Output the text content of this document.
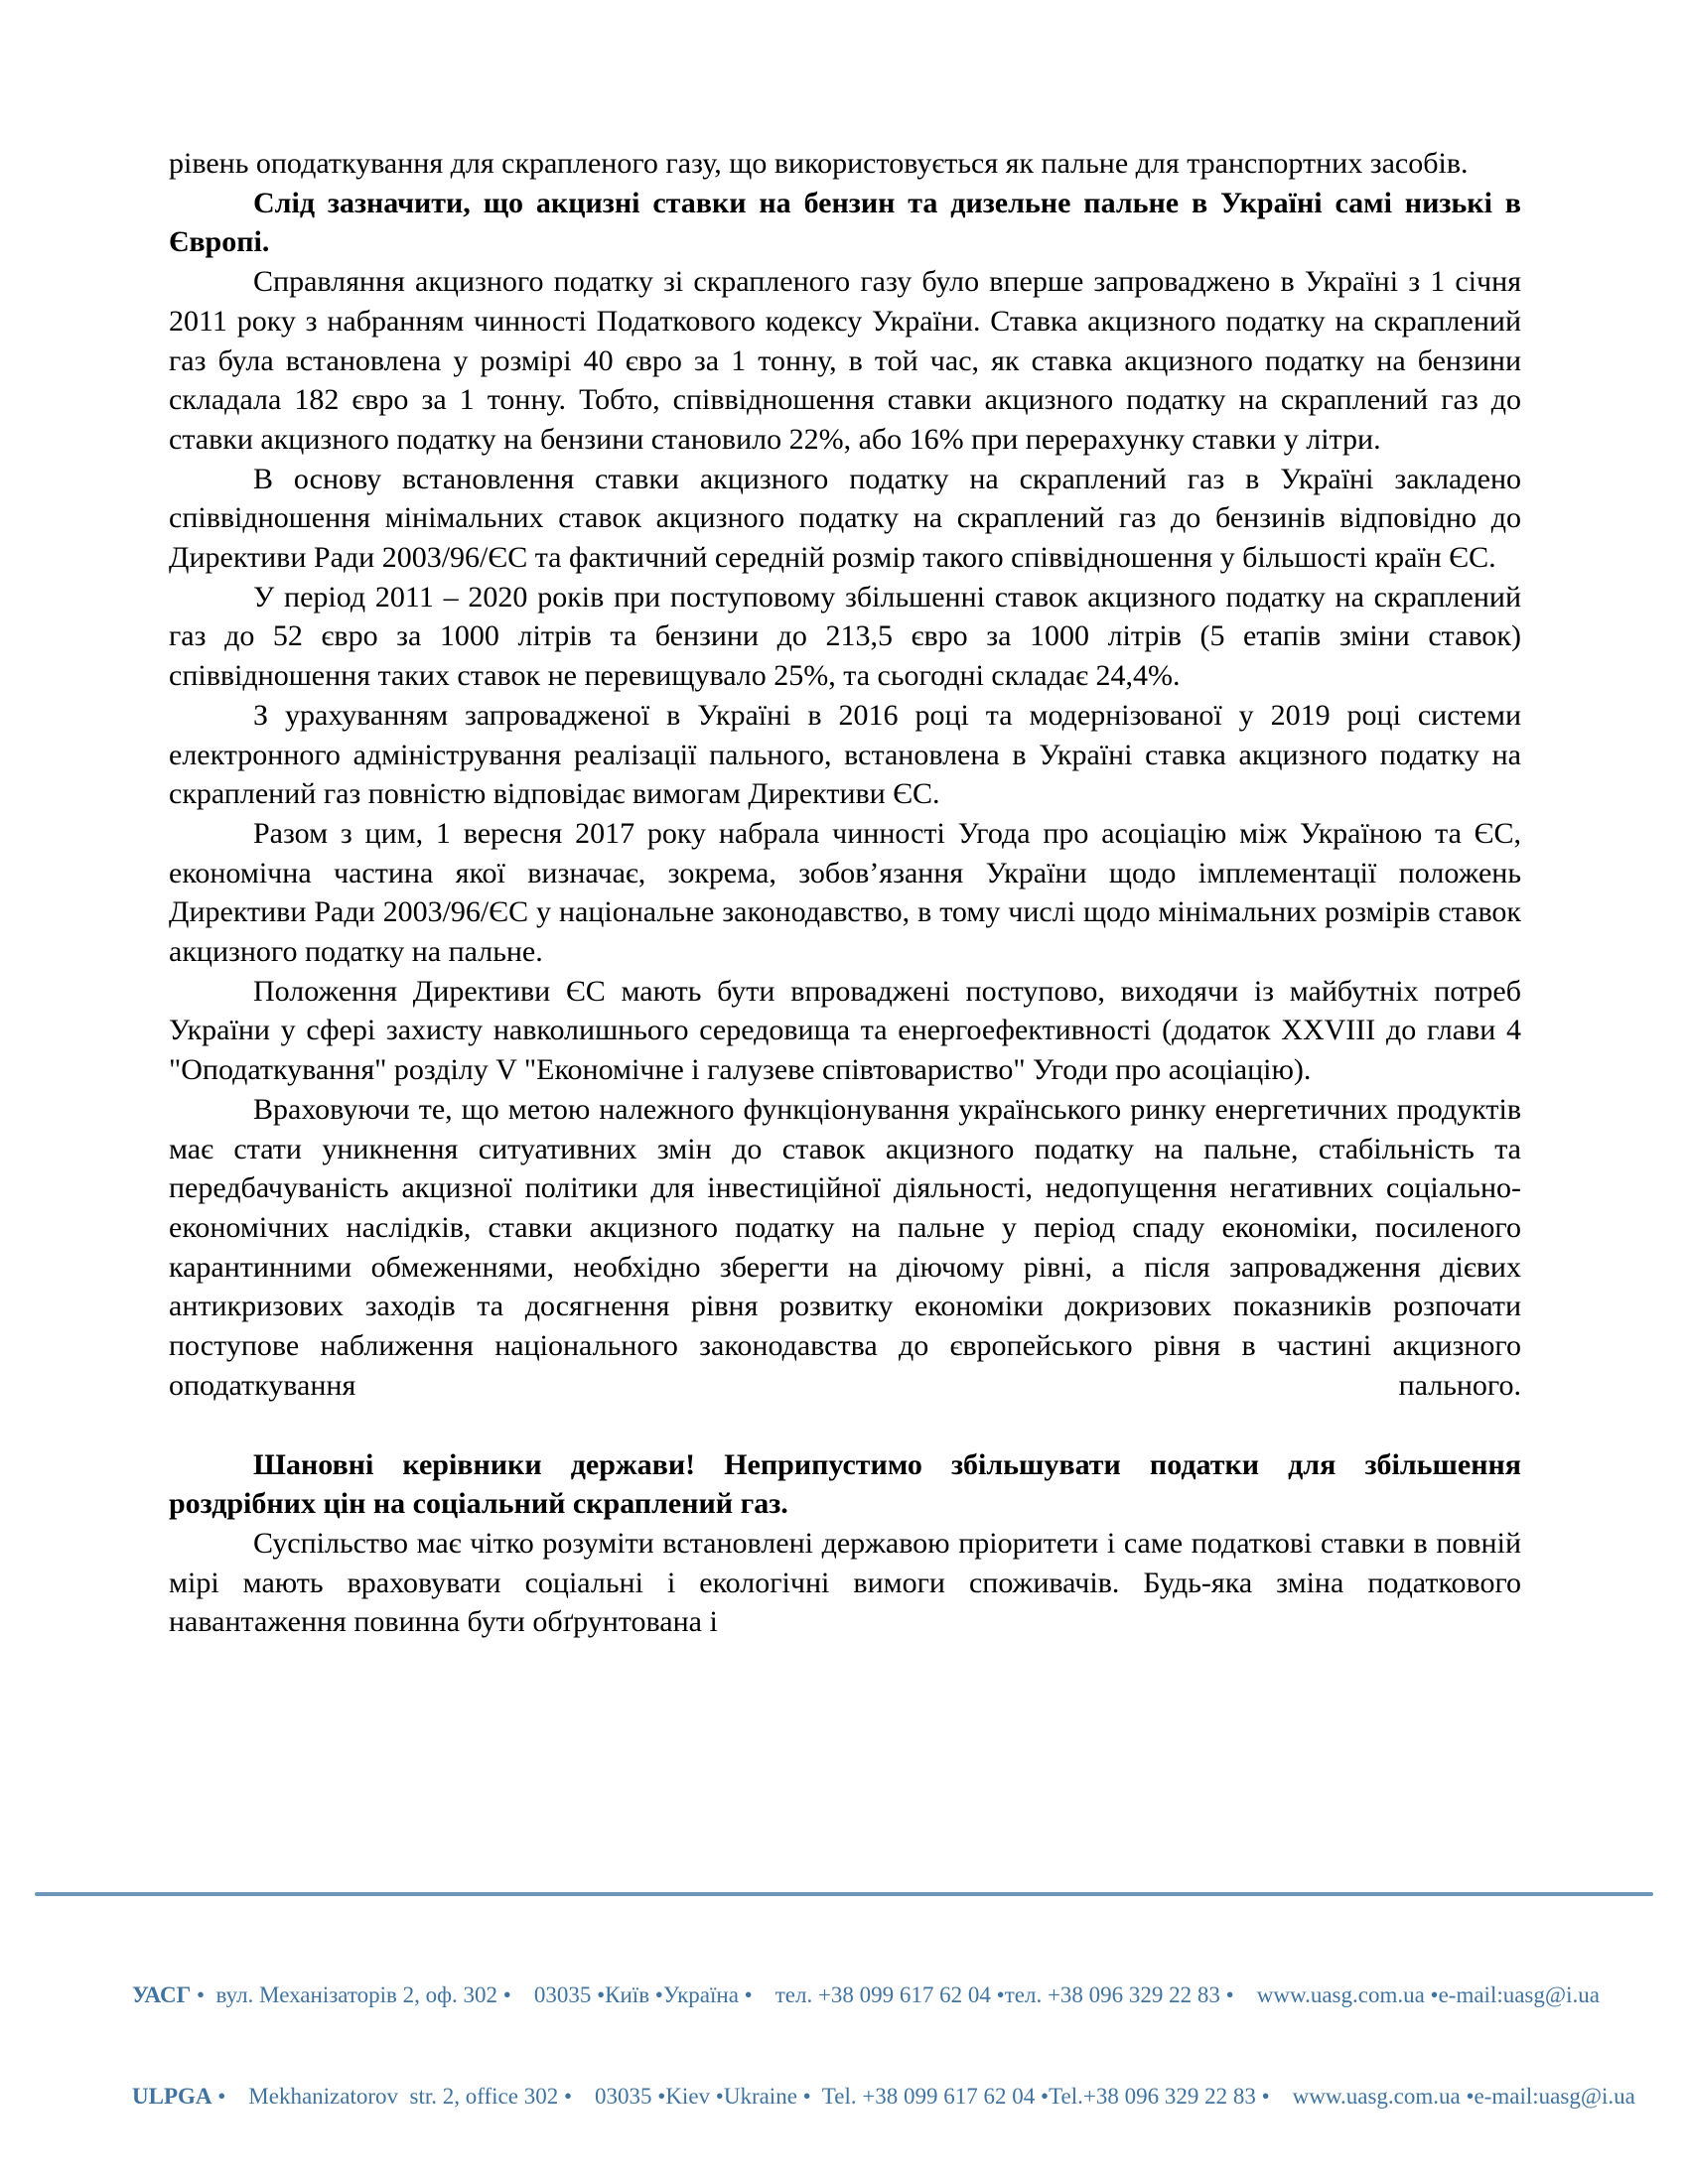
рівень оподаткування для скрапленого газу, що використовується як пальне для транспортних засобів.

Слід зазначити, що акцизні ставки на бензин та дизельне пальне в Україні самі низькі в Європі.

Справляння акцизного податку зі скрапленого газу було вперше запроваджено в Україні з 1 січня 2011 року з набранням чинності Податкового кодексу України. Ставка акцизного податку на скраплений газ була встановлена у розмірі 40 євро за 1 тонну, в той час, як ставка акцизного податку на бензини складала 182 євро за 1 тонну. Тобто, співвідношення ставки акцизного податку на скраплений газ до ставки акцизного податку на бензини становило 22%, або 16% при перерахунку ставки у літри.

В основу встановлення ставки акцизного податку на скраплений газ в Україні закладено співвідношення мінімальних ставок акцизного податку на скраплений газ до бензинів відповідно до Директиви Ради 2003/96/ЄС та фактичний середній розмір такого співвідношення у більшості країн ЄС.

У період 2011 – 2020 років при поступовому збільшенні ставок акцизного податку на скраплений газ до 52 євро за 1000 літрів та бензини до 213,5 євро за 1000 літрів (5 етапів зміни ставок) співвідношення таких ставок не перевищувало 25%, та сьогодні складає 24,4%.

З урахуванням запровадженої в Україні в 2016 році та модернізованої у 2019 році системи електронного адміністрування реалізації пального, встановлена в Україні ставка акцизного податку на скраплений газ повністю відповідає вимогам Директиви ЄС.

Разом з цим, 1 вересня 2017 року набрала чинності Угода про асоціацію між Україною та ЄС, економічна частина якої визначає, зокрема, зобов’язання України щодо імплементації положень Директиви Ради 2003/96/ЄС у національне законодавство, в тому числі щодо мінімальних розмірів ставок акцизного податку на пальне.

Положення Директиви ЄС мають бути впроваджені поступово, виходячи із майбутніх потреб України у сфері захисту навколишнього середовища та енергоефективності (додаток XXVIII до глави 4 "Оподаткування" розділу V "Економічне і галузеве співтовариство" Угоди про асоціацію).

Враховуючи те, що метою належного функціонування українського ринку енергетичних продуктів має стати уникнення ситуативних змін до ставок акцизного податку на пальне, стабільність та передбачуваність акцизної політики для інвестиційної діяльності, недопущення негативних соціально-економічних наслідків, ставки акцизного податку на пальне у період спаду економіки, посиленого карантинними обмеженнями, необхідно зберегти на діючому рівні, а після запровадження дієвих антикризових заходів та досягнення рівня розвитку економіки докризових показників розпочати поступове наближення національного законодавства до європейського рівня в частині акцизного оподаткування пального.

Шановні керівники держави! Неприпустимо збільшувати податки для збільшення роздрібних цін на соціальний скраплений газ.

Суспільство має чітко розуміти встановлені державою пріоритети і саме податкові ставки в повній мірі мають враховувати соціальні і екологічні вимоги споживачів. Будь-яка зміна податкового навантаження повинна бути обґрунтована і

УАСГ •  вул. Механізаторів 2, оф. 302 •    03035 •Київ •Україна •    тел. +38 099 617 62 04 •тел. +38 096 329 22 83 •    www.uasg.com.ua •e-mail:uasg@i.ua

ULPGA •    Mekhanizatorov  str. 2, office 302 •    03035 •Kiev •Ukraine •  Tel. +38 099 617 62 04 •Tel.+38 096 329 22 83 •    www.uasg.com.ua •e-mail:uasg@i.ua
